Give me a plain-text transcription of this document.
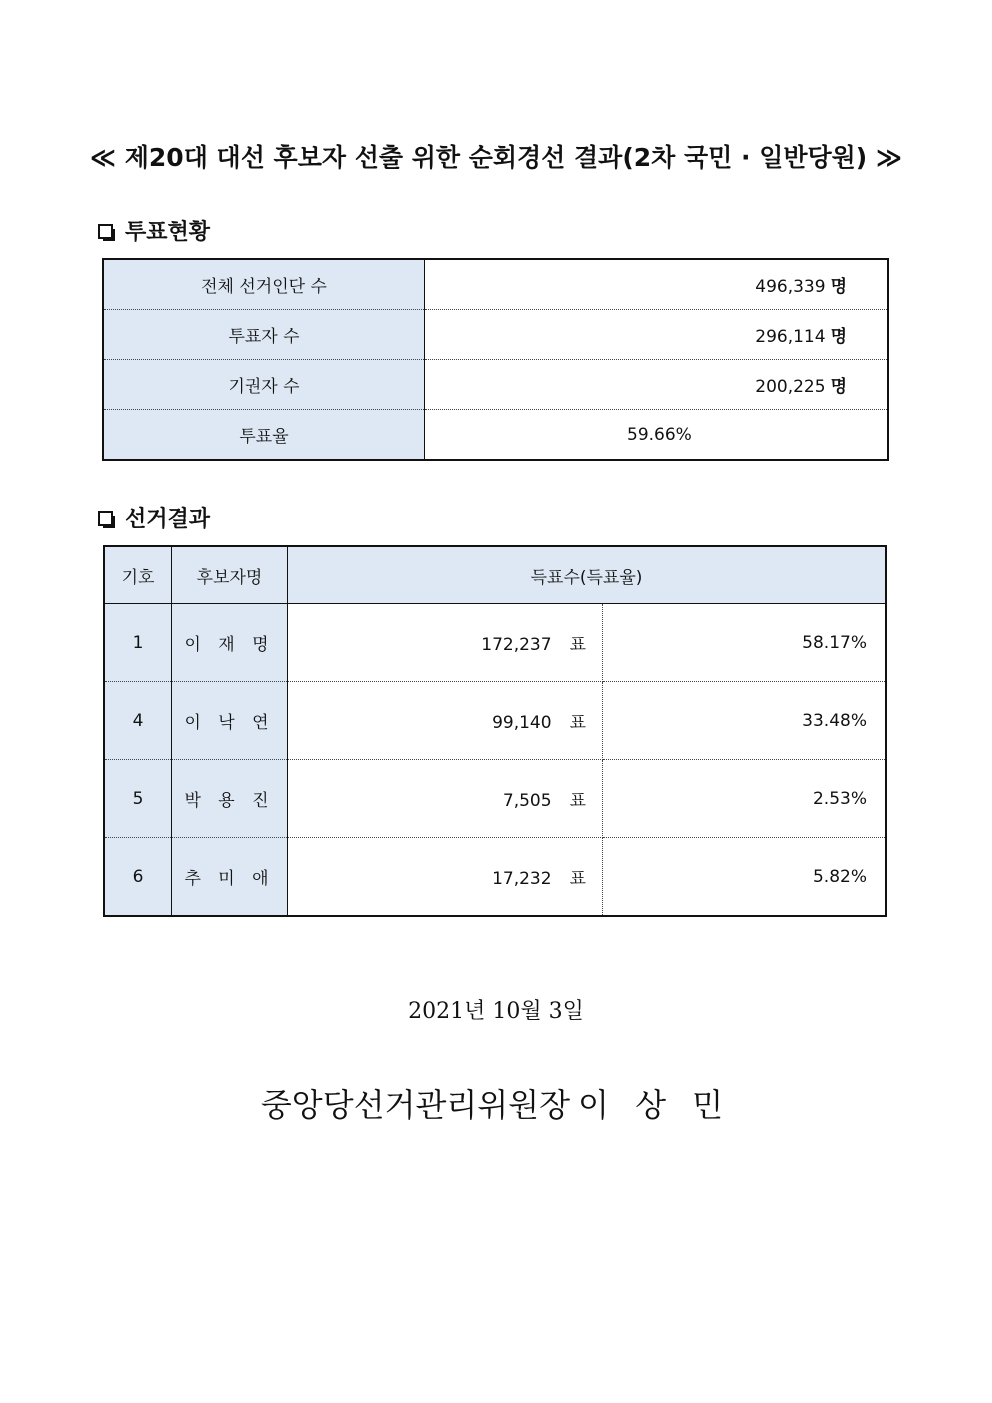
≪ 제20대 대선 후보자 선출 위한 순회경선 결과(2차 국민 · 일반당원) ≫
투표현황
전체 선거인단 수	496,339 명
투표자 수	296,114 명
기권자 수	200,225 명
투표율	59.66%
선거결과
기호	후보자명	득표수(득표율)	
1	이 재 명	172,237 표	58.17%
4	이 낙 연	99,140 표	33.48%
5	박 용 진	7,505 표	2.53%
6	추 미 애	17,232 표	5.82%
2021년 10월 3일
중앙당선거관리위원장 이 상 민
